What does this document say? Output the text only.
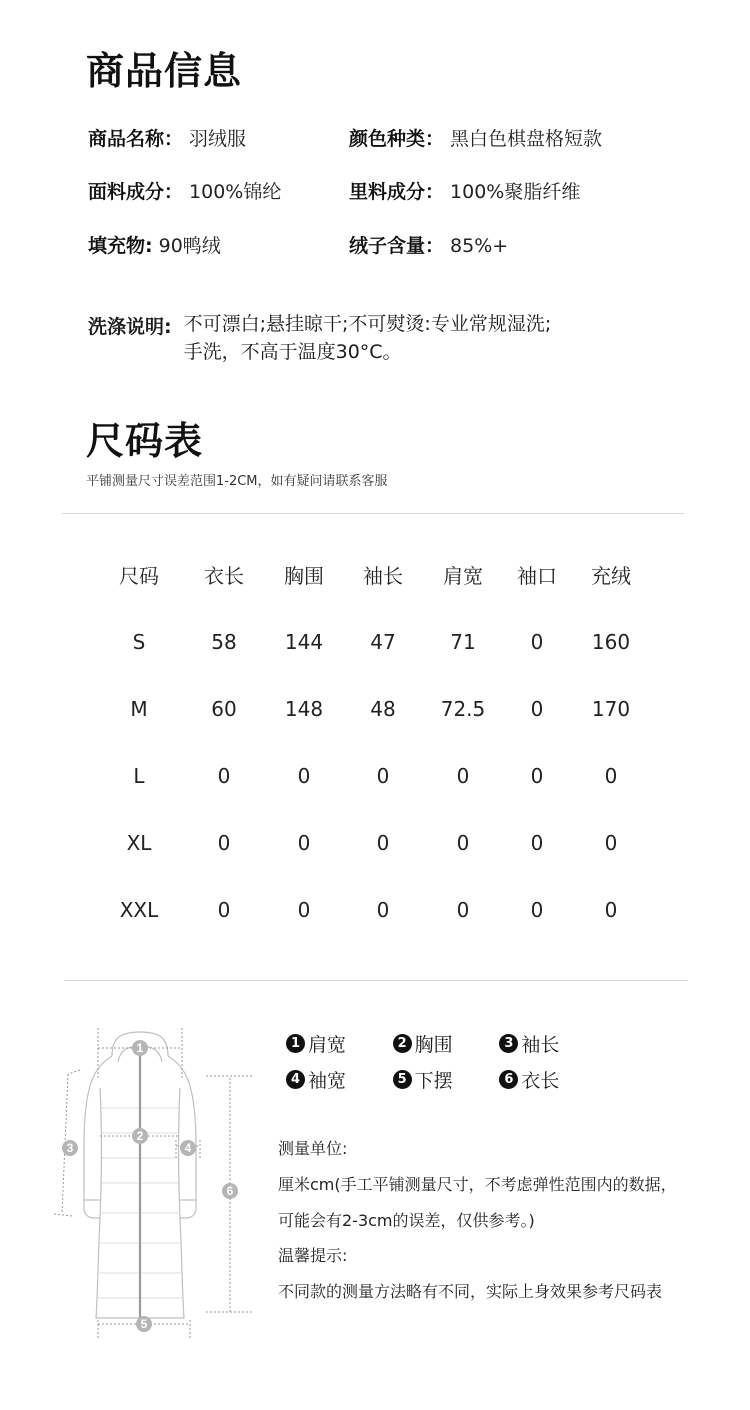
商品信息
商品名称： 羽绒服	颜色种类： 黑白色棋盘格短款
面料成分： 100%锦纶	里料成分： 100%聚脂纤维
填充物: 90鸭绒	绒子含量： 85%+
洗涤说明: 不可漂白;悬挂晾干;不可熨烫:专业常规湿洗;
手洗，不高于温度30°C。
尺码表
平铺测量尺寸误差范围1-2CM，如有疑问请联系客服
尺码	衣长	胸围	袖长	肩宽	袖口	充绒
S	58	144	47	71	0	160
M	60	148	48	72.5	0	170
L	0	0	0	0	0	0
XL	0	0	0	0	0	0
XXL	0	0	0	0	0	0
1
2
3	4
5
6
1 肩宽	2 胸围	3 袖长
4 袖宽	5 下摆	6 衣长
测量单位:
厘米cm(手工平铺测量尺寸，不考虑弹性范围内的数据，
可能会有2-3cm的误差，仅供参考。)
温馨提示:
不同款的测量方法略有不同，实际上身效果参考尺码表
